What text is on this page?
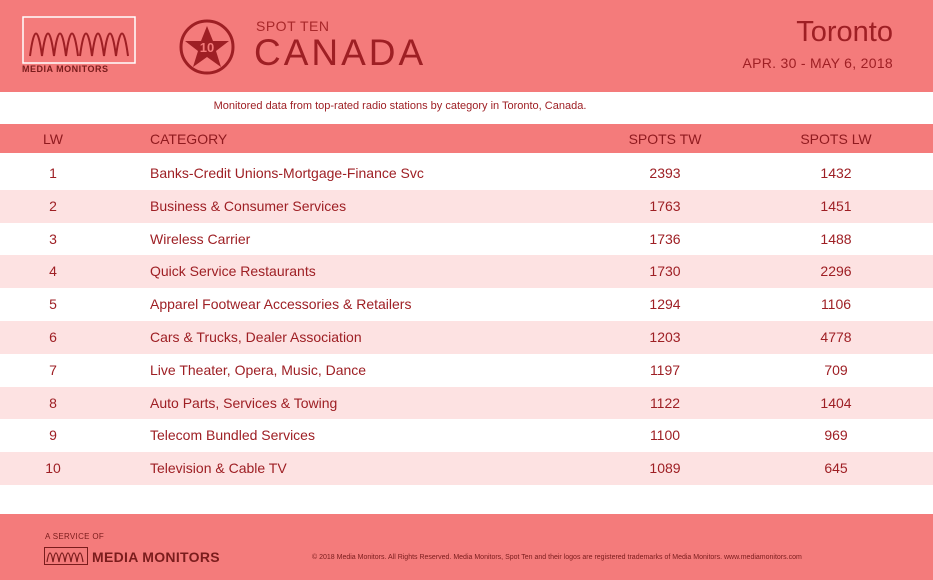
MEDIA MONITORS
10
SPOT TEN
CANADA	Toronto
APR. 30 - MAY 6, 2018
Monitored data from top-rated radio stations by category in Toronto, Canada.
LW	CATEGORY	SPOTS TW	SPOTS LW
1	Banks-Credit Unions-Mortgage-Finance Svc	2393	1432
2	Business & Consumer Services	1763	1451
3	Wireless Carrier	1736	1488
4	Quick Service Restaurants	1730	2296
5	Apparel Footwear Accessories & Retailers	1294	1106
6	Cars & Trucks, Dealer Association	1203	4778
7	Live Theater, Opera, Music, Dance	1197	709
8	Auto Parts, Services & Towing	1122	1404
9	Telecom Bundled Services	1100	969
10	Television & Cable TV	1089	645
A SERVICE OF
MEDIA MONITORS	© 2018 Media Monitors. All Rights Reserved. Media Monitors, Spot Ten and their logos are registered trademarks of Media Monitors. www.mediamonitors.com
